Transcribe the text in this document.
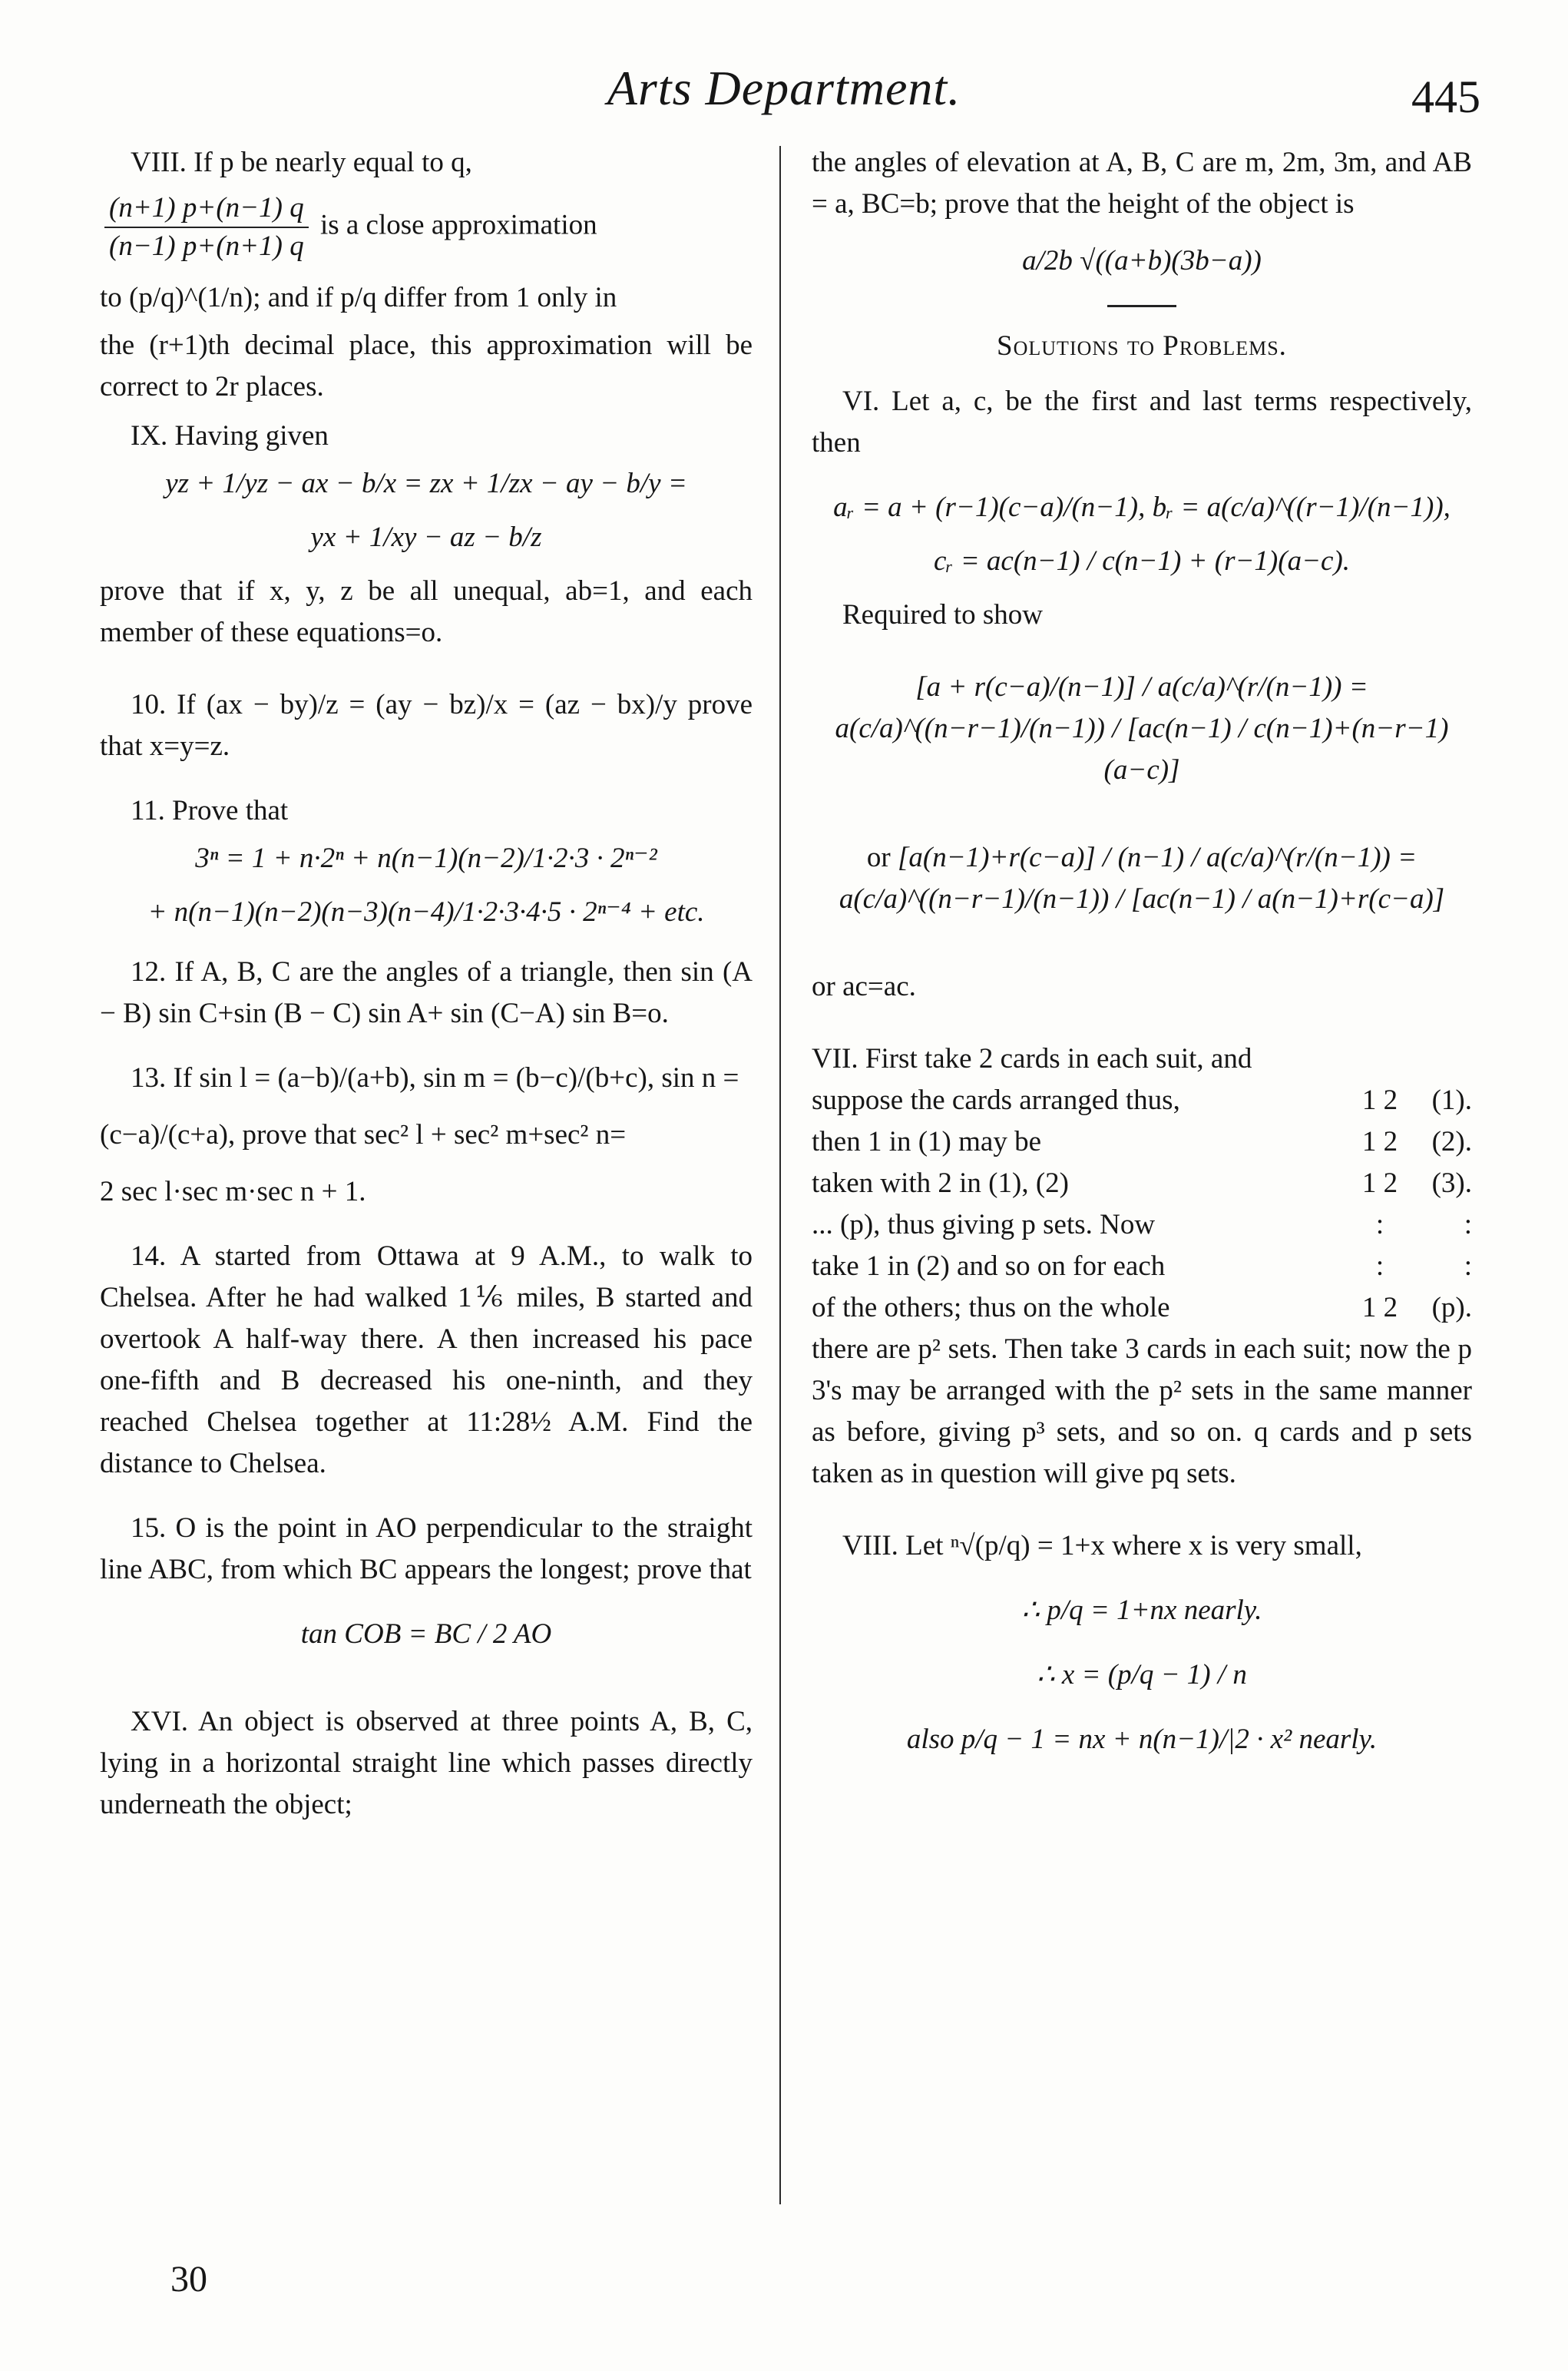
Arts Department.	445

VIII. If p be nearly equal to q,

$\frac{(n+1) p+(n-1) q}{(n-1) p+(n+1) q}$ is a close approximation

to (p/q)^(1/n); and if p/q differ from 1 only in

the (r+1)th decimal place, this approximation will be correct to 2r places.

IX. Having given

yz + 1/yz − ax − b/x = zx + 1/zx − ay − b/y =

yx + 1/xy − az − b/z

prove that if x, y, z be all unequal, ab=1, and each member of these equations=o.

10. If (ax − by)/z = (ay − bz)/x = (az − bx)/y prove that x=y=z.

11. Prove that

3ⁿ = 1 + n·2ⁿ + n(n−1)(n−2)/1·2·3 · 2ⁿ⁻²

+ n(n−1)(n−2)(n−3)(n−4)/1·2·3·4·5 · 2ⁿ⁻⁴ + etc.

12. If A, B, C are the angles of a triangle, then sin (A − B) sin C+sin (B − C) sin A+ sin (C−A) sin B=o.

13. If sin l = (a−b)/(a+b), sin m = (b−c)/(b+c), sin n =

(c−a)/(c+a), prove that sec² l + sec² m+sec² n=

2 sec l·sec m·sec n + 1.

14. A started from Ottawa at 9 A.M., to walk to Chelsea. After he had walked 1⅙ miles, B started and overtook A half-way there. A then increased his pace one-fifth and B decreased his one-ninth, and they reached Chelsea together at 11:28½ A.M. Find the distance to Chelsea.

15. O is the point in AO perpendicular to the straight line ABC, from which BC appears the longest; prove that

tan COB = BC / 2 AO

XVI. An object is observed at three points A, B, C, lying in a horizontal straight line which passes directly underneath the object;

30

the angles of elevation at A, B, C are m, 2m, 3m, and AB = a, BC=b; prove that the height of the object is

a/2b √((a+b)(3b−a))

Solutions to Problems.

VI. Let a, c, be the first and last terms respectively, then

aᵣ = a + (r−1)(c−a)/(n−1), bᵣ = a(c/a)^((r−1)/(n−1)),

cᵣ = ac(n−1) / c(n−1) + (r−1)(a−c).

Required to show

[a + r(c−a)/(n−1)] / a(c/a)^(r/(n−1)) = a(c/a)^((n−r−1)/(n−1)) / [ac(n−1) / c(n−1)+(n−r−1)(a−c)]

or [a(n−1)+r(c−a)] / (n−1) / a(c/a)^(r/(n−1)) = a(c/a)^((n−r−1)/(n−1)) / [ac(n−1) / a(n−1)+r(c−a)]

or ac=ac.

VII. First take 2 cards in each suit, and		
suppose the cards arranged thus,	1 2	(1).
then 1 in (1) may be	1 2	(2).
taken with 2 in (1), (2)	1 2	(3).
... (p), thus giving p sets. Now	:	:
take 1 in (2) and so on for each	:	:
of the others; thus on the whole	1 2	(p).

there are p² sets. Then take 3 cards in each suit; now the p 3's may be arranged with the p² sets in the same manner as before, giving p³ sets, and so on. q cards and p sets taken as in question will give pq sets.

VIII. Let ⁿ√(p/q) = 1+x where x is very small,

∴ p/q = 1+nx nearly.

∴ x = (p/q − 1) / n

also p/q − 1 = nx + n(n−1)/|2 · x² nearly.
